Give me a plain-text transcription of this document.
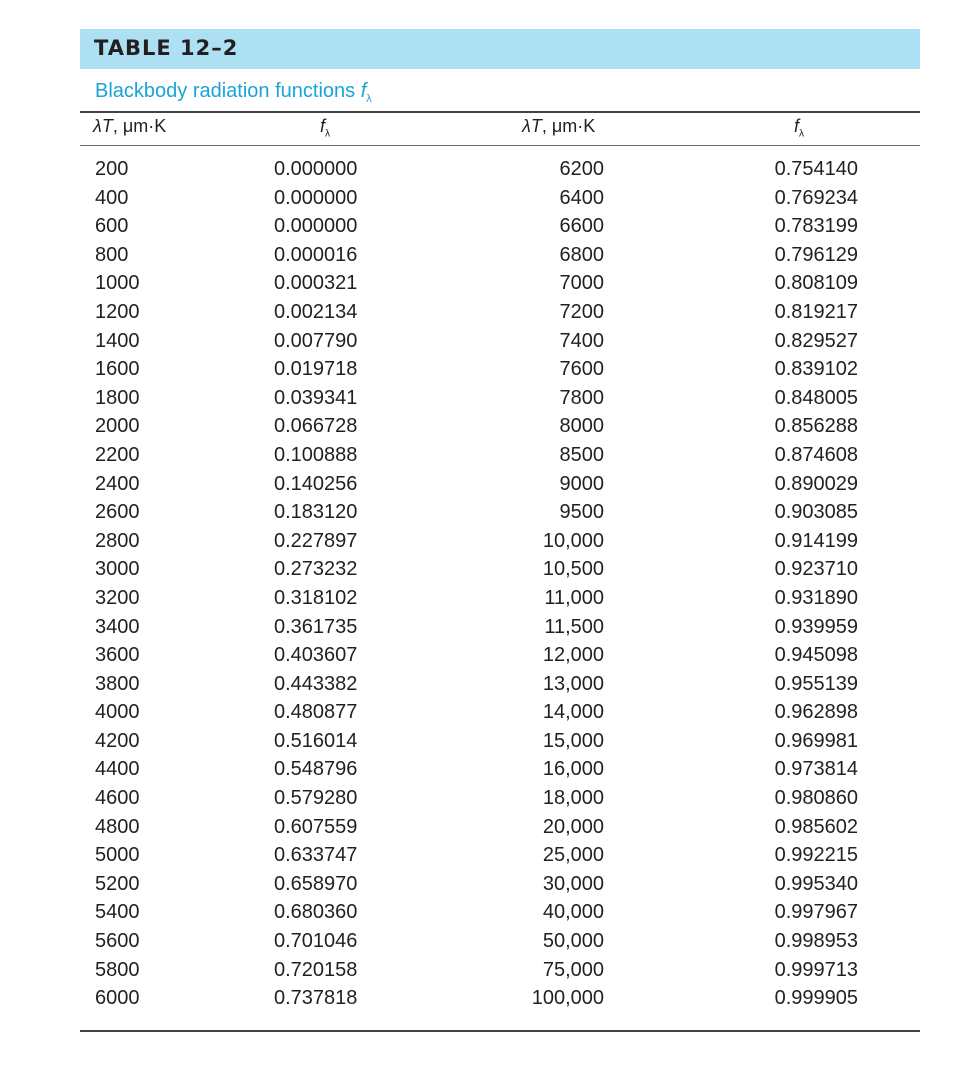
TABLE 12–2
Blackbody radiation functions $f_\lambda$
λT, μm·K	$f_\lambda$	λT, μm·K	$f_\lambda$
200	0.000000	6200	0.754140
400	0.000000	6400	0.769234
600	0.000000	6600	0.783199
800	0.000016	6800	0.796129
1000	0.000321	7000	0.808109
1200	0.002134	7200	0.819217
1400	0.007790	7400	0.829527
1600	0.019718	7600	0.839102
1800	0.039341	7800	0.848005
2000	0.066728	8000	0.856288
2200	0.100888	8500	0.874608
2400	0.140256	9000	0.890029
2600	0.183120	9500	0.903085
2800	0.227897	10,000	0.914199
3000	0.273232	10,500	0.923710
3200	0.318102	11,000	0.931890
3400	0.361735	11,500	0.939959
3600	0.403607	12,000	0.945098
3800	0.443382	13,000	0.955139
4000	0.480877	14,000	0.962898
4200	0.516014	15,000	0.969981
4400	0.548796	16,000	0.973814
4600	0.579280	18,000	0.980860
4800	0.607559	20,000	0.985602
5000	0.633747	25,000	0.992215
5200	0.658970	30,000	0.995340
5400	0.680360	40,000	0.997967
5600	0.701046	50,000	0.998953
5800	0.720158	75,000	0.999713
6000	0.737818	100,000	0.999905
